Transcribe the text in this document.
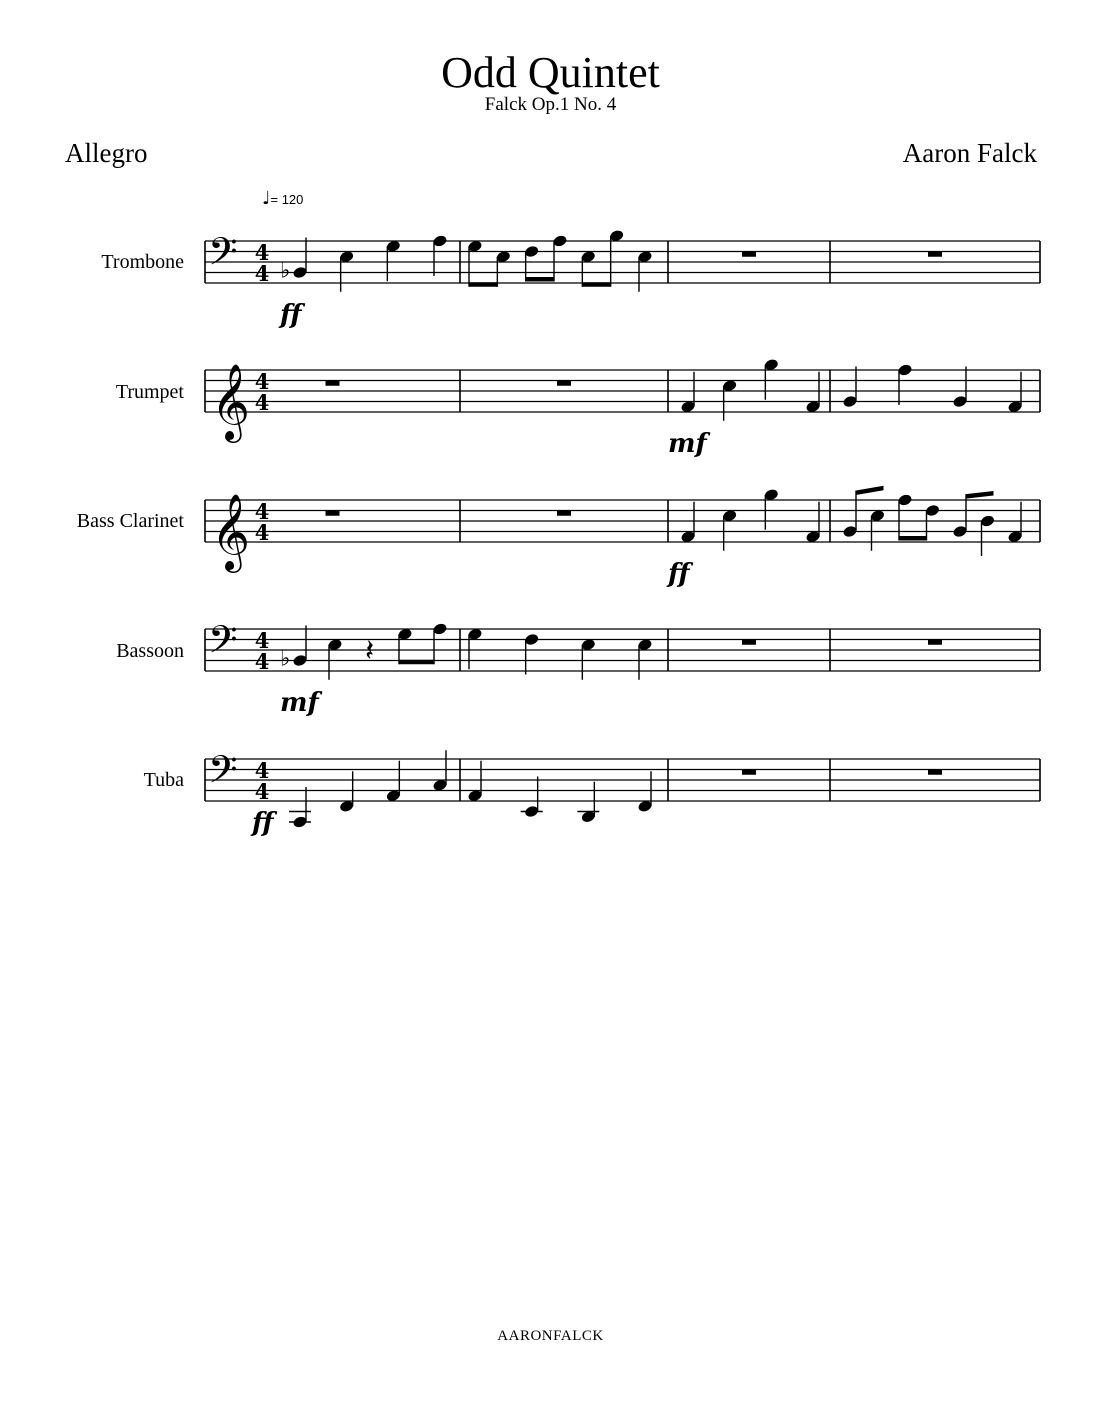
Odd Quintet
Falck Op.1 No. 4
Allegro	Aaron Falck
♩= 120
Trombone
Trumpet
Bass Clarinet
Bassoon
Tuba
𝄢 4
4 ♭
ff
𝄞 4
4
mf
𝄞 4
4
ff
𝄢 4
4 ♭ 𝄽
mf
𝄢 4
4
ff
AARONFALCK
